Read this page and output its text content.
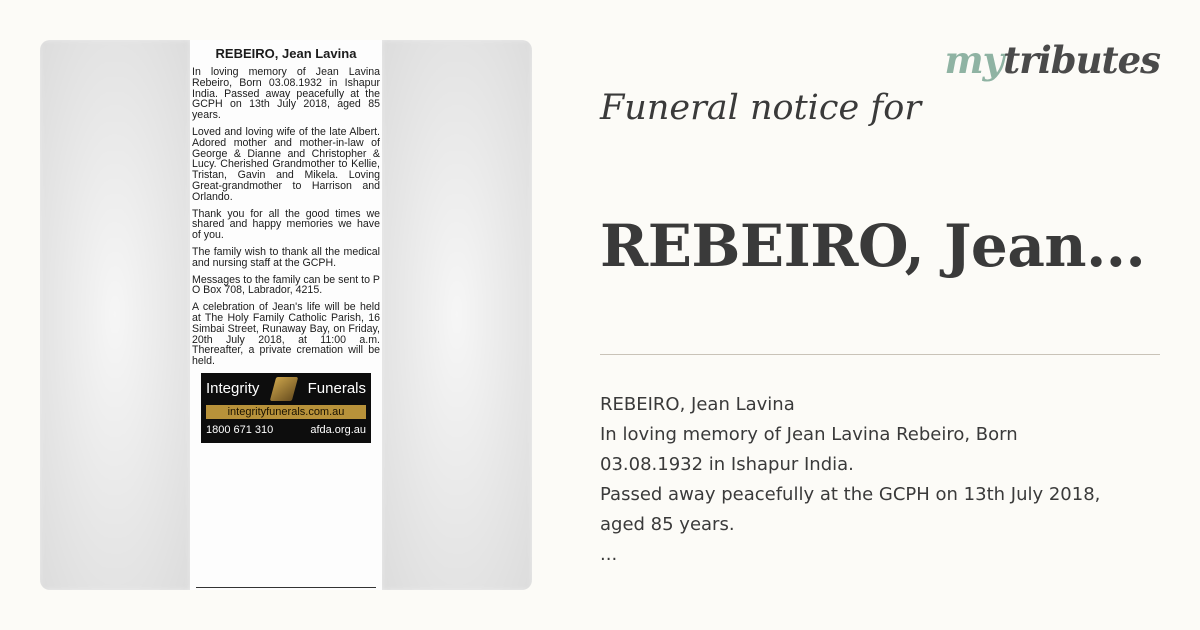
REBEIRO, Jean Lavina

In loving memory of Jean Lavina Rebeiro, Born 03.08.1932 in Ishapur India. Passed away peacefully at the GCPH on 13th July 2018, aged 85 years.

Loved and loving wife of the late Albert. Adored mother and mother-in-law of George & Dianne and Christopher & Lucy. Cherished Grandmother to Kellie, Tristan, Gavin and Mikela. Loving Great-grandmother to Harrison and Orlando.

Thank you for all the good times we shared and happy memories we have of you.

The family wish to thank all the medical and nursing staff at the GCPH.

Messages to the family can be sent to P O Box 708, Labrador, 4215.

A celebration of Jean's life will be held at The Holy Family Catholic Parish, 16 Simbai Street, Runaway Bay, on Friday, 20th July 2018, at 11:00 a.m. Thereafter, a private cremation will be held.

Integrity	Funerals
integrityfunerals.com.au
1800 671 310	afda.org.au
mytributes
Funeral notice for
REBEIRO, Jean...
REBEIRO, Jean Lavina
In loving memory of Jean Lavina Rebeiro, Born
03.08.1932 in Ishapur India.
Passed away peacefully at the GCPH on 13th July 2018,
aged 85 years.
...
